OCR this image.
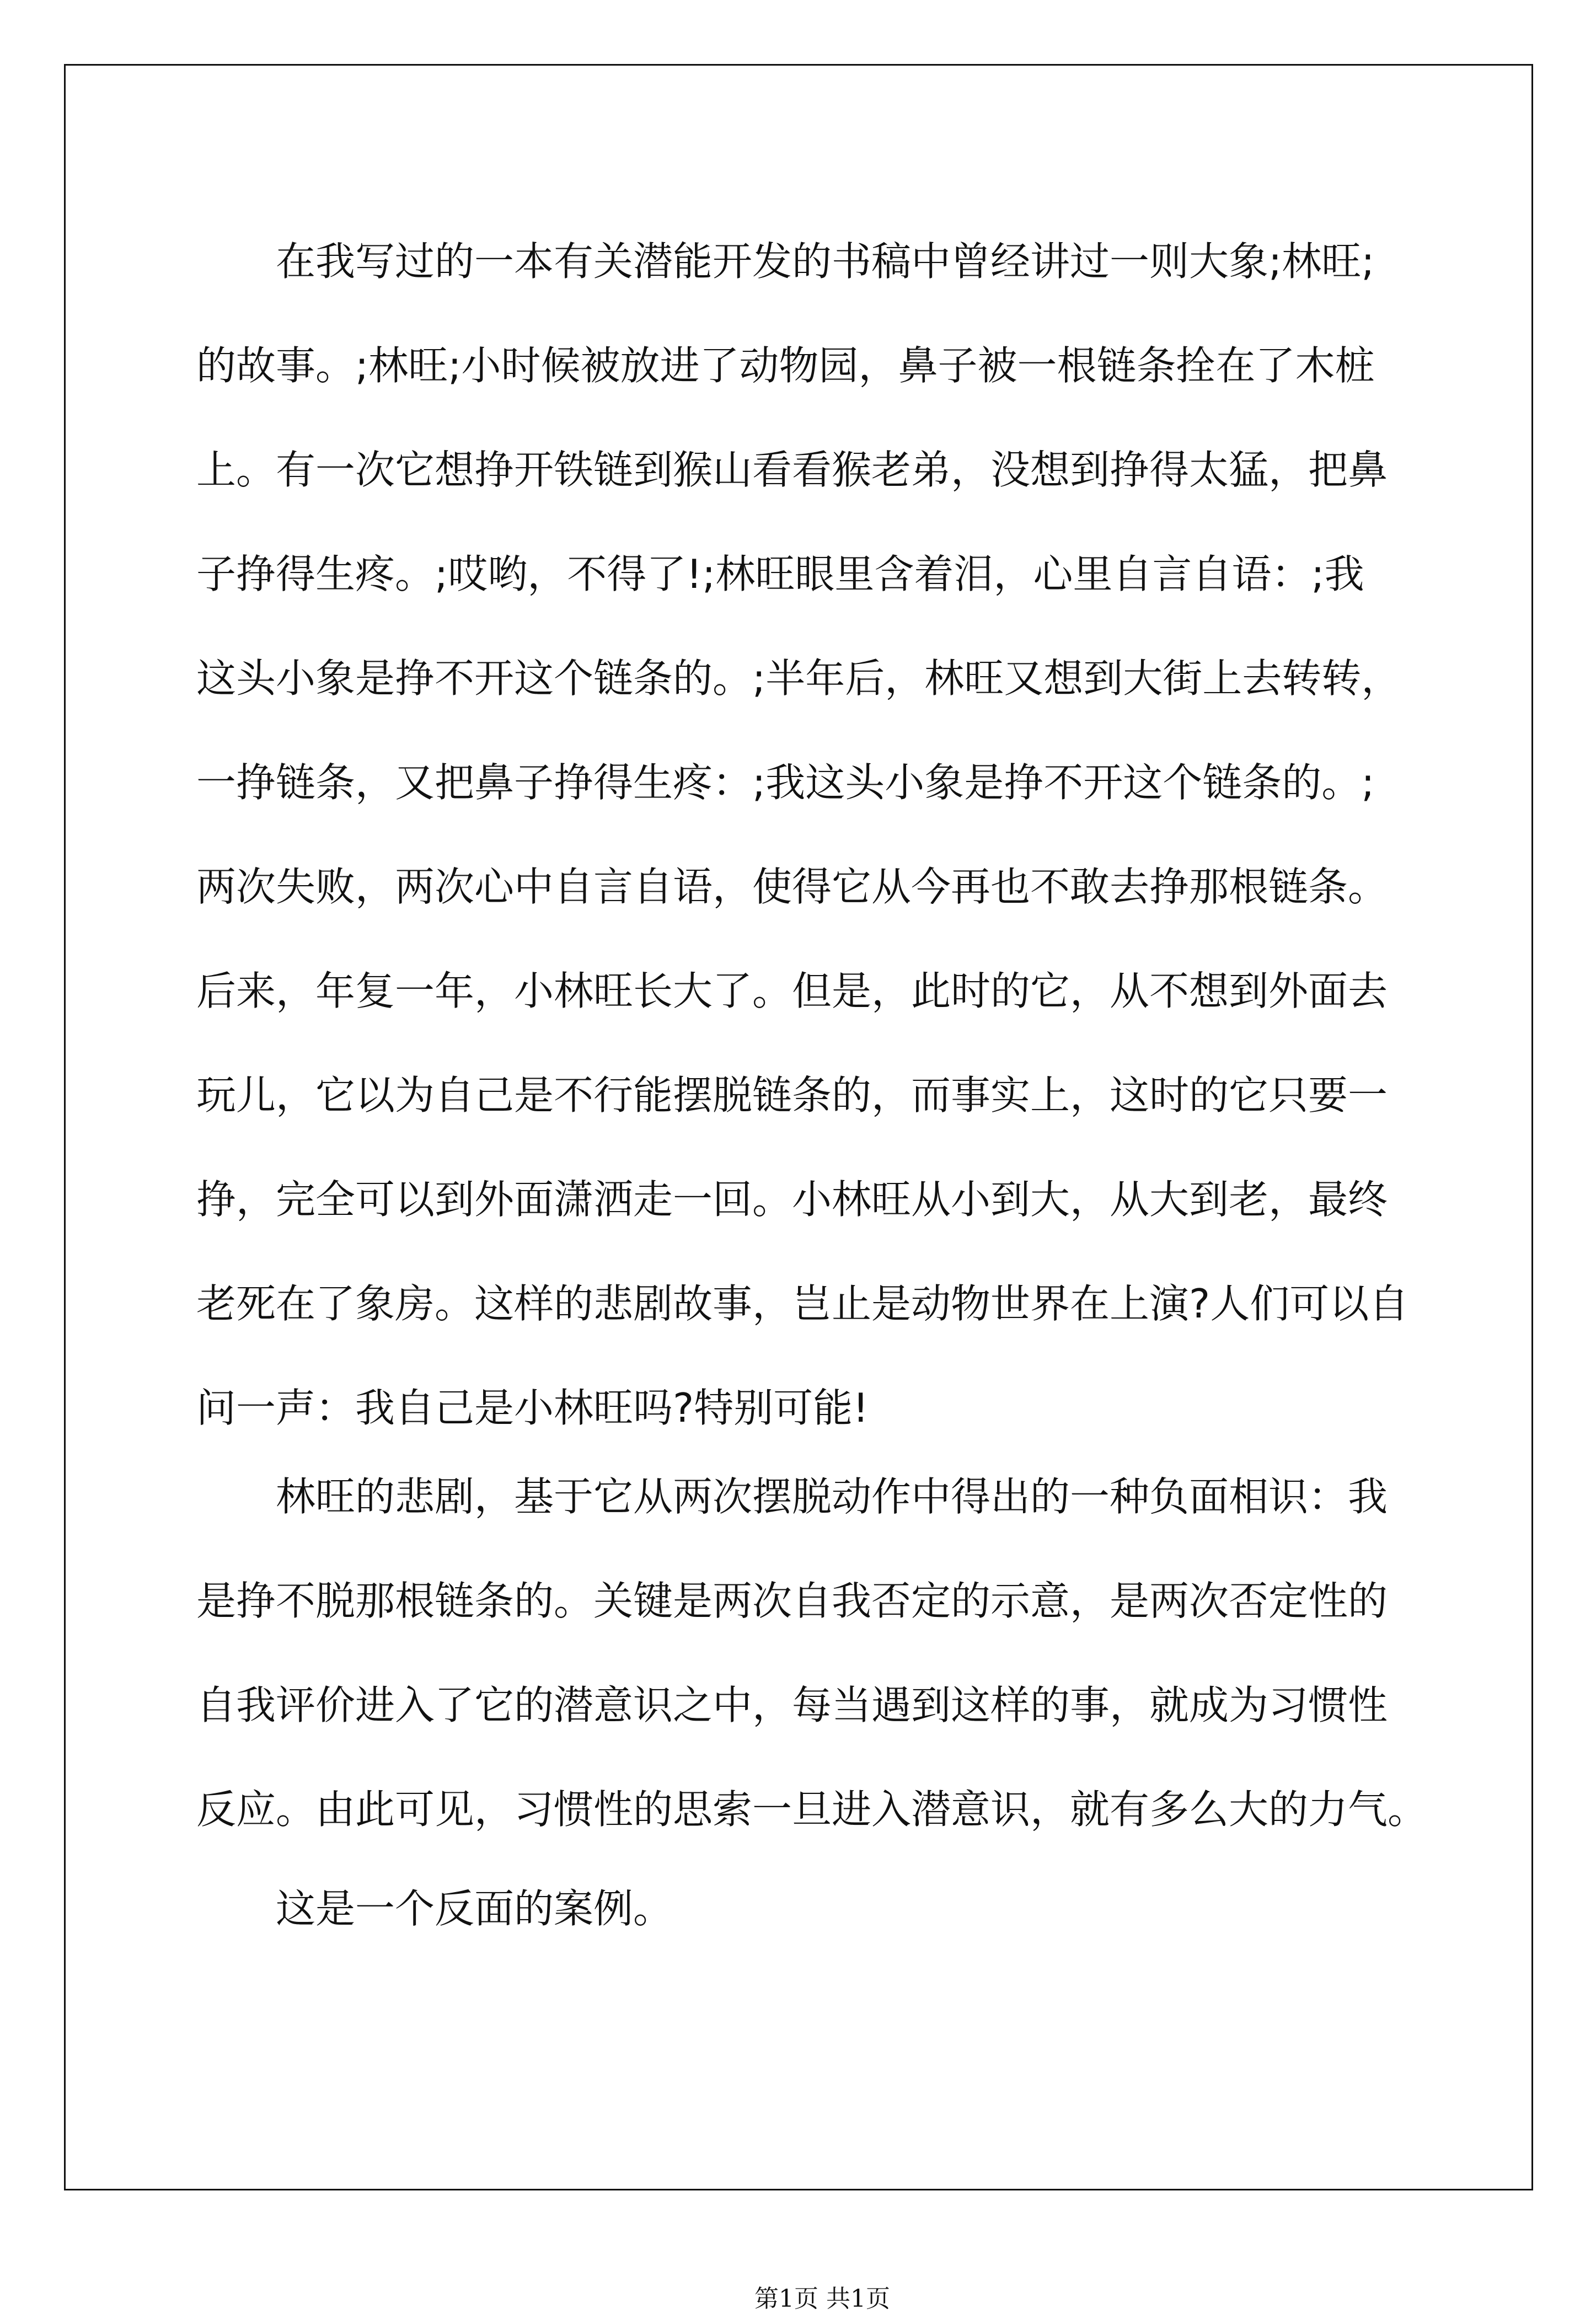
在我写过的一本有关潜能开发的书稿中曾经讲过一则大象;林旺;
的故事。;林旺;小时候被放进了动物园，鼻子被一根链条拴在了木桩
上。有一次它想挣开铁链到猴山看看猴老弟，没想到挣得太猛，把鼻
子挣得生疼。;哎哟，不得了!;林旺眼里含着泪，心里自言自语：;我
这头小象是挣不开这个链条的。;半年后，林旺又想到大街上去转转，
一挣链条，又把鼻子挣得生疼：;我这头小象是挣不开这个链条的。;
两次失败，两次心中自言自语，使得它从今再也不敢去挣那根链条。
后来，年复一年，小林旺长大了。但是，此时的它，从不想到外面去
玩儿，它以为自己是不行能摆脱链条的，而事实上，这时的它只要一
挣，完全可以到外面潇洒走一回。小林旺从小到大，从大到老，最终
老死在了象房。这样的悲剧故事，岂止是动物世界在上演?人们可以自
问一声：我自己是小林旺吗?特别可能!
林旺的悲剧，基于它从两次摆脱动作中得出的一种负面相识：我
是挣不脱那根链条的。关键是两次自我否定的示意，是两次否定性的
自我评价进入了它的潜意识之中，每当遇到这样的事，就成为习惯性
反应。由此可见，习惯性的思索一旦进入潜意识，就有多么大的力气。
这是一个反面的案例。
第1页 共1页
